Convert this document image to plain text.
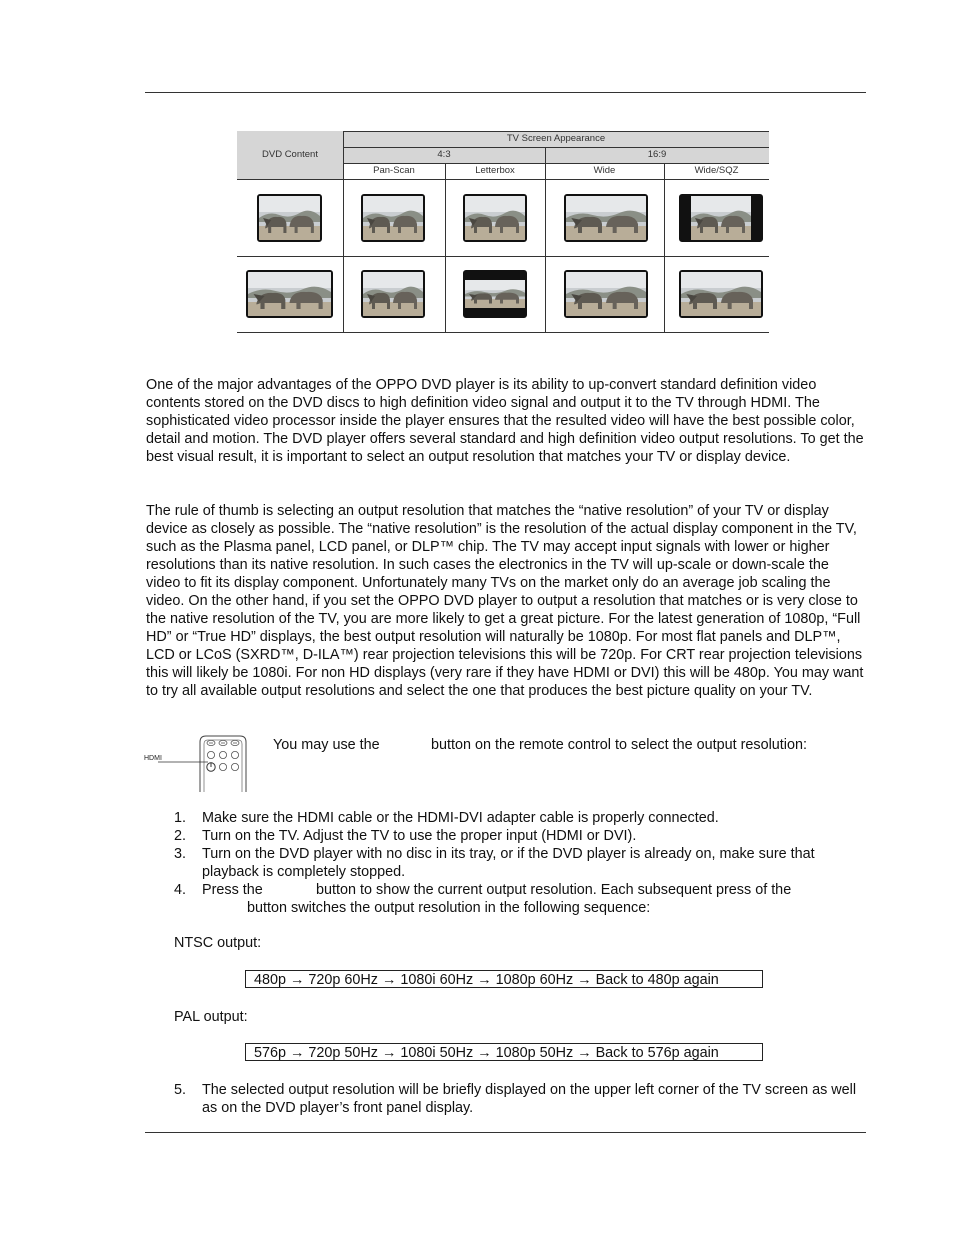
DVD Content
TV Screen Appearance
4:3	16:9
Pan-Scan	Letterbox	Wide	Wide/SQZ

One of the major advantages of the OPPO DVD player is its ability to up-convert standard definition video contents stored on the DVD discs to high definition video signal and output it to the TV through HDMI. The sophisticated video processor inside the player ensures that the resulted video will have the best possible color, detail and motion. The DVD player offers several standard and high definition video output resolutions. To get the best visual result, it is important to select an output resolution that matches your TV or display device.

The rule of thumb is selecting an output resolution that matches the “native resolution” of your TV or display device as closely as possible. The “native resolution” is the resolution of the actual display component in the TV, such as the Plasma panel, LCD panel, or DLP™ chip. The TV may accept input signals with lower or higher resolutions than its native resolution. In such cases the electronics in the TV will up-scale or down-scale the video to fit its display component. Unfortunately many TVs on the market only do an average job scaling the video. On the other hand, if you set the OPPO DVD player to output a resolution that matches or is very close to the native resolution of the TV, you are more likely to get a great picture. For the latest generation of 1080p, “Full HD” or “True HD” displays, the best output resolution will naturally be 1080p. For most flat panels and DLP™, LCD or LCoS (SXRD™, D-ILA™) rear projection televisions this will be 720p. For CRT rear projection televisions this will likely be 1080i. For non HD displays (very rare if they have HDMI or DVI) this will be 480p. You may want to try all available output resolutions and select the one that produces the best picture quality on your TV.

HDMI
You may use the	button on the remote control to select the output resolution:
1. Make sure the HDMI cable or the HDMI-DVI adapter cable is properly connected.
2. Turn on the TV. Adjust the TV to use the proper input (HDMI or DVI).
3. Turn on the DVD player with no disc in its tray, or if the DVD player is already on, make sure that playback is completely stopped.
4. Press the	button to show the current output resolution. Each subsequent press of the
button switches the output resolution in the following sequence:
NTSC output:
480p → 720p 60Hz → 1080i 60Hz → 1080p 60Hz → Back to 480p again
PAL output:
576p → 720p 50Hz → 1080i 50Hz → 1080p 50Hz → Back to 576p again
5. The selected output resolution will be briefly displayed on the upper left corner of the TV screen as well as on the DVD player’s front panel display.
